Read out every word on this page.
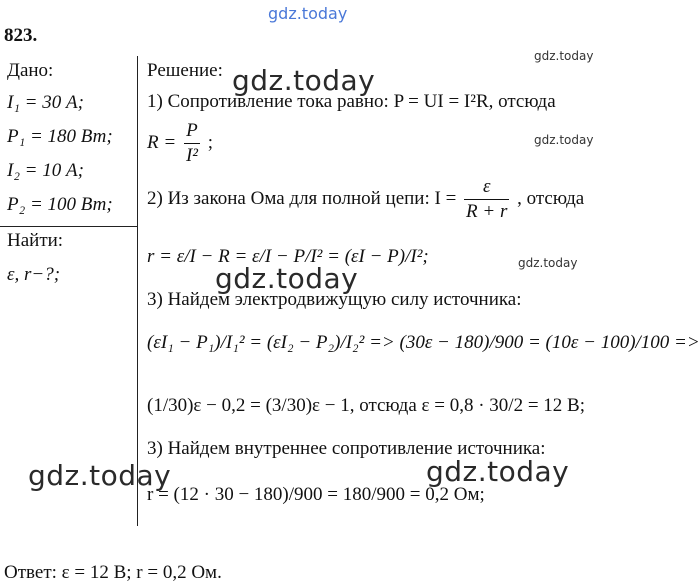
gdz.today
823.
Дано:
I₁ = 30 А;
P₁ = 180 Вт;
I₂ = 10 А;
P₂ = 100 Вт;
Найти:
ε, r−?;
Решение:
1) Сопротивление тока равно: P = UI = I²R, отсюда
$R = \frac{P}{\text{I²}}$ ;
2) Из закона Ома для полной цепи: $I = \frac{\varepsilon}{R + r}$ , отсюда
r = ε/I − R = ε/I − P/I² = (εI − P)/I²;
3) Найдем электродвижущую силу источника:
(εI₁ − P₁)/I₁² = (εI₂ − P₂)/I₂² => (30ε − 180)/900 = (10ε − 100)/100 =>
(1/30)ε − 0,2 = (3/30)ε − 1, отсюда ε = 0,8 · 30/2 = 12 В;
3) Найдем внутреннее сопротивление источника:
r = (12 · 30 − 180)/900 = 180/900 = 0,2 Ом;
Ответ: ε = 12 В; r = 0,2 Ом.
gdz.today
gdz.today
gdz.today
gdz.today
gdz.today
gdz.today	gdz.today
